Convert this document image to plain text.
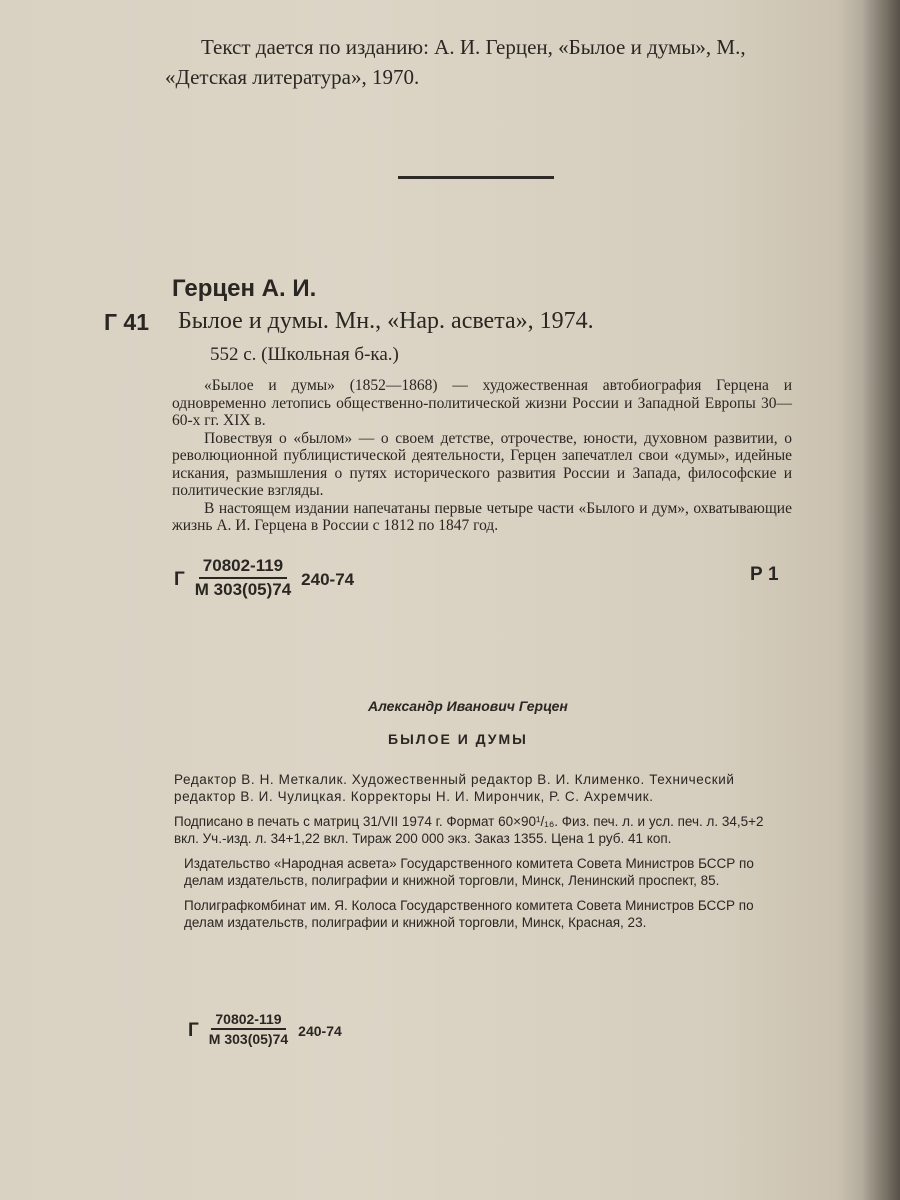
Текст дается по изданию: А. И. Герцен, «Былое и думы», М., «Детская литература», 1970.
Герцен А. И.
Г 41 Былое и думы. Мн., «Нар. асвета», 1974.
552 с. (Школьная б-ка.)

«Былое и думы» (1852—1868) — художественная автобиография Герцена и одновременно летопись общественно-политической жизни России и Западной Европы 30—60-х гг. XIX в.

Повествуя о «былом» — о своем детстве, отрочестве, юности, духовном развитии, о революционной публицистической деятельности, Герцен запечатлел свои «думы», идейные искания, размышления о путях исторического развития России и Запада, философские и политические взгляды.

В настоящем издании напечатаны первые четыре части «Былого и дум», охватывающие жизнь А. И. Герцена в России с 1812 по 1847 год.

Г $\frac{70802-119}{М 303(05)74} 240-74$	Р 1
Александр Иванович Герцен
БЫЛОЕ И ДУМЫ

Редактор В. Н. Меткалик. Художественный редактор В. И. Клименко. Технический редактор В. И. Чулицкая. Корректоры Н. И. Мирончик, Р. С. Ахремчик.

Подписано в печать с матриц 31/VII 1974 г. Формат 60×90¹/₁₆. Физ. печ. л. и усл. печ. л. 34,5+2 вкл. Уч.-изд. л. 34+1,22 вкл. Тираж 200 000 экз. Заказ 1355. Цена 1 руб. 41 коп.

Издательство «Народная асвета» Государственного комитета Совета Министров БССР по делам издательств, полиграфии и книжной торговли, Минск, Ленинский проспект, 85.

Полиграфкомбинат им. Я. Колоса Государственного комитета Совета Министров БССР по делам издательств, полиграфии и книжной торговли, Минск, Красная, 23.

Г $\frac{70802-119}{М 303(05)74} 240-74$
